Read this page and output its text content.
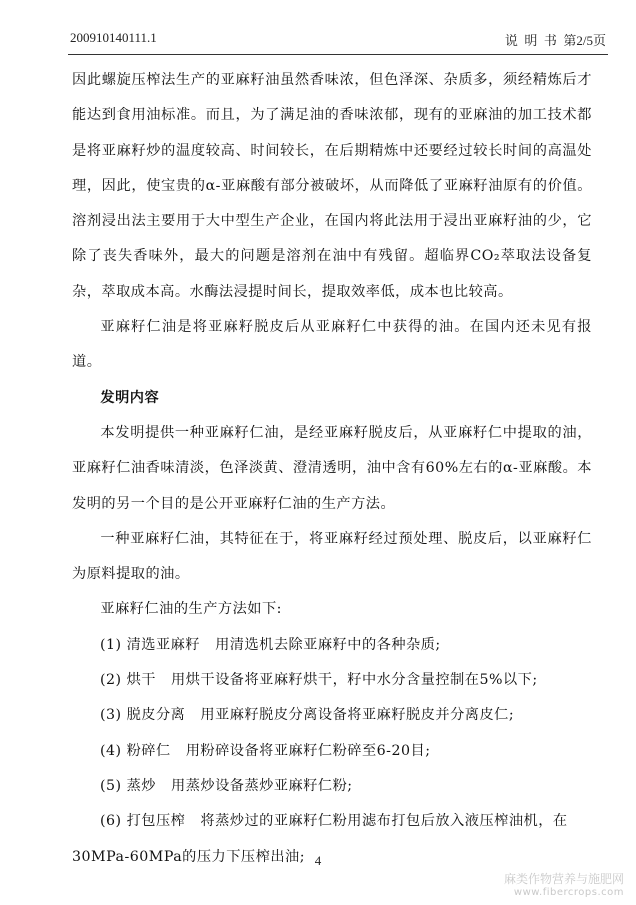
200910140111.1	说  明  书 第2/5页

因此螺旋压榨法生产的亚麻籽油虽然香味浓，但色泽深、杂质多，须经精炼后才能达到食用油标准。而且，为了满足油的香味浓郁，现有的亚麻油的加工技术都是将亚麻籽炒的温度较高、时间较长，在后期精炼中还要经过较长时间的高温处理，因此，使宝贵的α-亚麻酸有部分被破坏，从而降低了亚麻籽油原有的价值。溶剂浸出法主要用于大中型生产企业，在国内将此法用于浸出亚麻籽油的少，它除了丧失香味外，最大的问题是溶剂在油中有残留。超临界CO₂萃取法设备复杂，萃取成本高。水酶法浸提时间长，提取效率低，成本也比较高。

亚麻籽仁油是将亚麻籽脱皮后从亚麻籽仁中获得的油。在国内还未见有报道。

发明内容

本发明提供一种亚麻籽仁油，是经亚麻籽脱皮后，从亚麻籽仁中提取的油，亚麻籽仁油香味清淡，色泽淡黄、澄清透明，油中含有60%左右的α-亚麻酸。本发明的另一个目的是公开亚麻籽仁油的生产方法。

一种亚麻籽仁油，其特征在于，将亚麻籽经过预处理、脱皮后，以亚麻籽仁为原料提取的油。

亚麻籽仁油的生产方法如下:

(1) 清选亚麻籽   用清选机去除亚麻籽中的各种杂质;

(2) 烘干   用烘干设备将亚麻籽烘干，籽中水分含量控制在5%以下;

(3) 脱皮分离   用亚麻籽脱皮分离设备将亚麻籽脱皮并分离皮仁;

(4) 粉碎仁   用粉碎设备将亚麻籽仁粉碎至6-20目;

(5) 蒸炒   用蒸炒设备蒸炒亚麻籽仁粉;

(6) 打包压榨   将蒸炒过的亚麻籽仁粉用滤布打包后放入液压榨油机，在
30MPa-60MPa的压力下压榨出油; 4
麻类作物营养与施肥网
www.fibercrops.com
